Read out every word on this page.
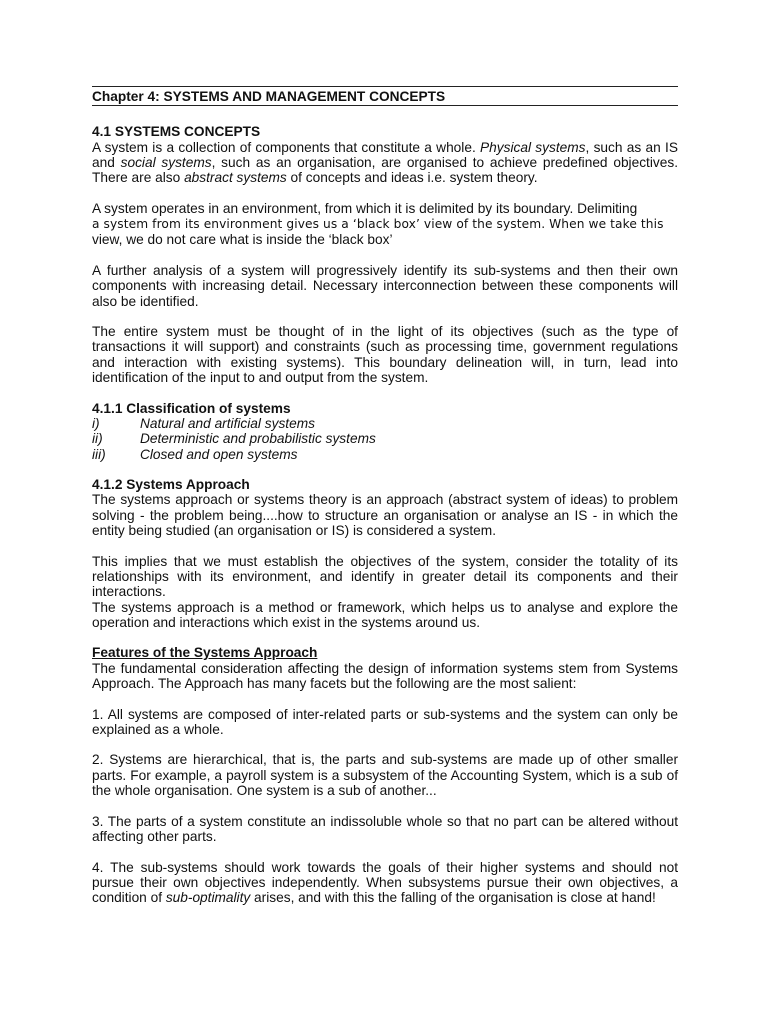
Chapter 4: SYSTEMS AND MANAGEMENT CONCEPTS
4.1 SYSTEMS CONCEPTS

A system is a collection of components that constitute a whole. Physical systems, such as an IS and social systems, such as an organisation, are organised to achieve predefined objectives. There are also abstract systems of concepts and ideas i.e. system theory.

A system operates in an environment, from which it is delimited by its boundary. Delimiting
a system from its environment gives us a ‘black box’ view of the system. When we take this
view, we do not care what is inside the ‘black box’

A further analysis of a system will progressively identify its sub-systems and then their own components with increasing detail. Necessary interconnection between these components will also be identified.

The entire system must be thought of in the light of its objectives (such as the type of transactions it will support) and constraints (such as processing time, government regulations and interaction with existing systems). This boundary delineation will, in turn, lead into identification of the input to and output from the system.

4.1.1 Classification of systems
i)	Natural and artificial systems
ii)	Deterministic and probabilistic systems
iii)	Closed and open systems
4.1.2 Systems Approach

The systems approach or systems theory is an approach (abstract system of ideas) to problem solving - the problem being....how to structure an organisation or analyse an IS - in which the entity being studied (an organisation or IS) is considered a system.

This implies that we must establish the objectives of the system, consider the totality of its relationships with its environment, and identify in greater detail its components and their interactions.

The systems approach is a method or framework, which helps us to analyse and explore the operation and interactions which exist in the systems around us.

Features of the Systems Approach

The fundamental consideration affecting the design of information systems stem from Systems Approach. The Approach has many facets but the following are the most salient:

1. All systems are composed of inter-related parts or sub-systems and the system can only be explained as a whole.

2. Systems are hierarchical, that is, the parts and sub-systems are made up of other smaller parts. For example, a payroll system is a subsystem of the Accounting System, which is a sub of the whole organisation. One system is a sub of another...

3. The parts of a system constitute an indissoluble whole so that no part can be altered without affecting other parts.

4. The sub-systems should work towards the goals of their higher systems and should not pursue their own objectives independently. When subsystems pursue their own objectives, a condition of sub-optimality arises, and with this the falling of the organisation is close at hand!
